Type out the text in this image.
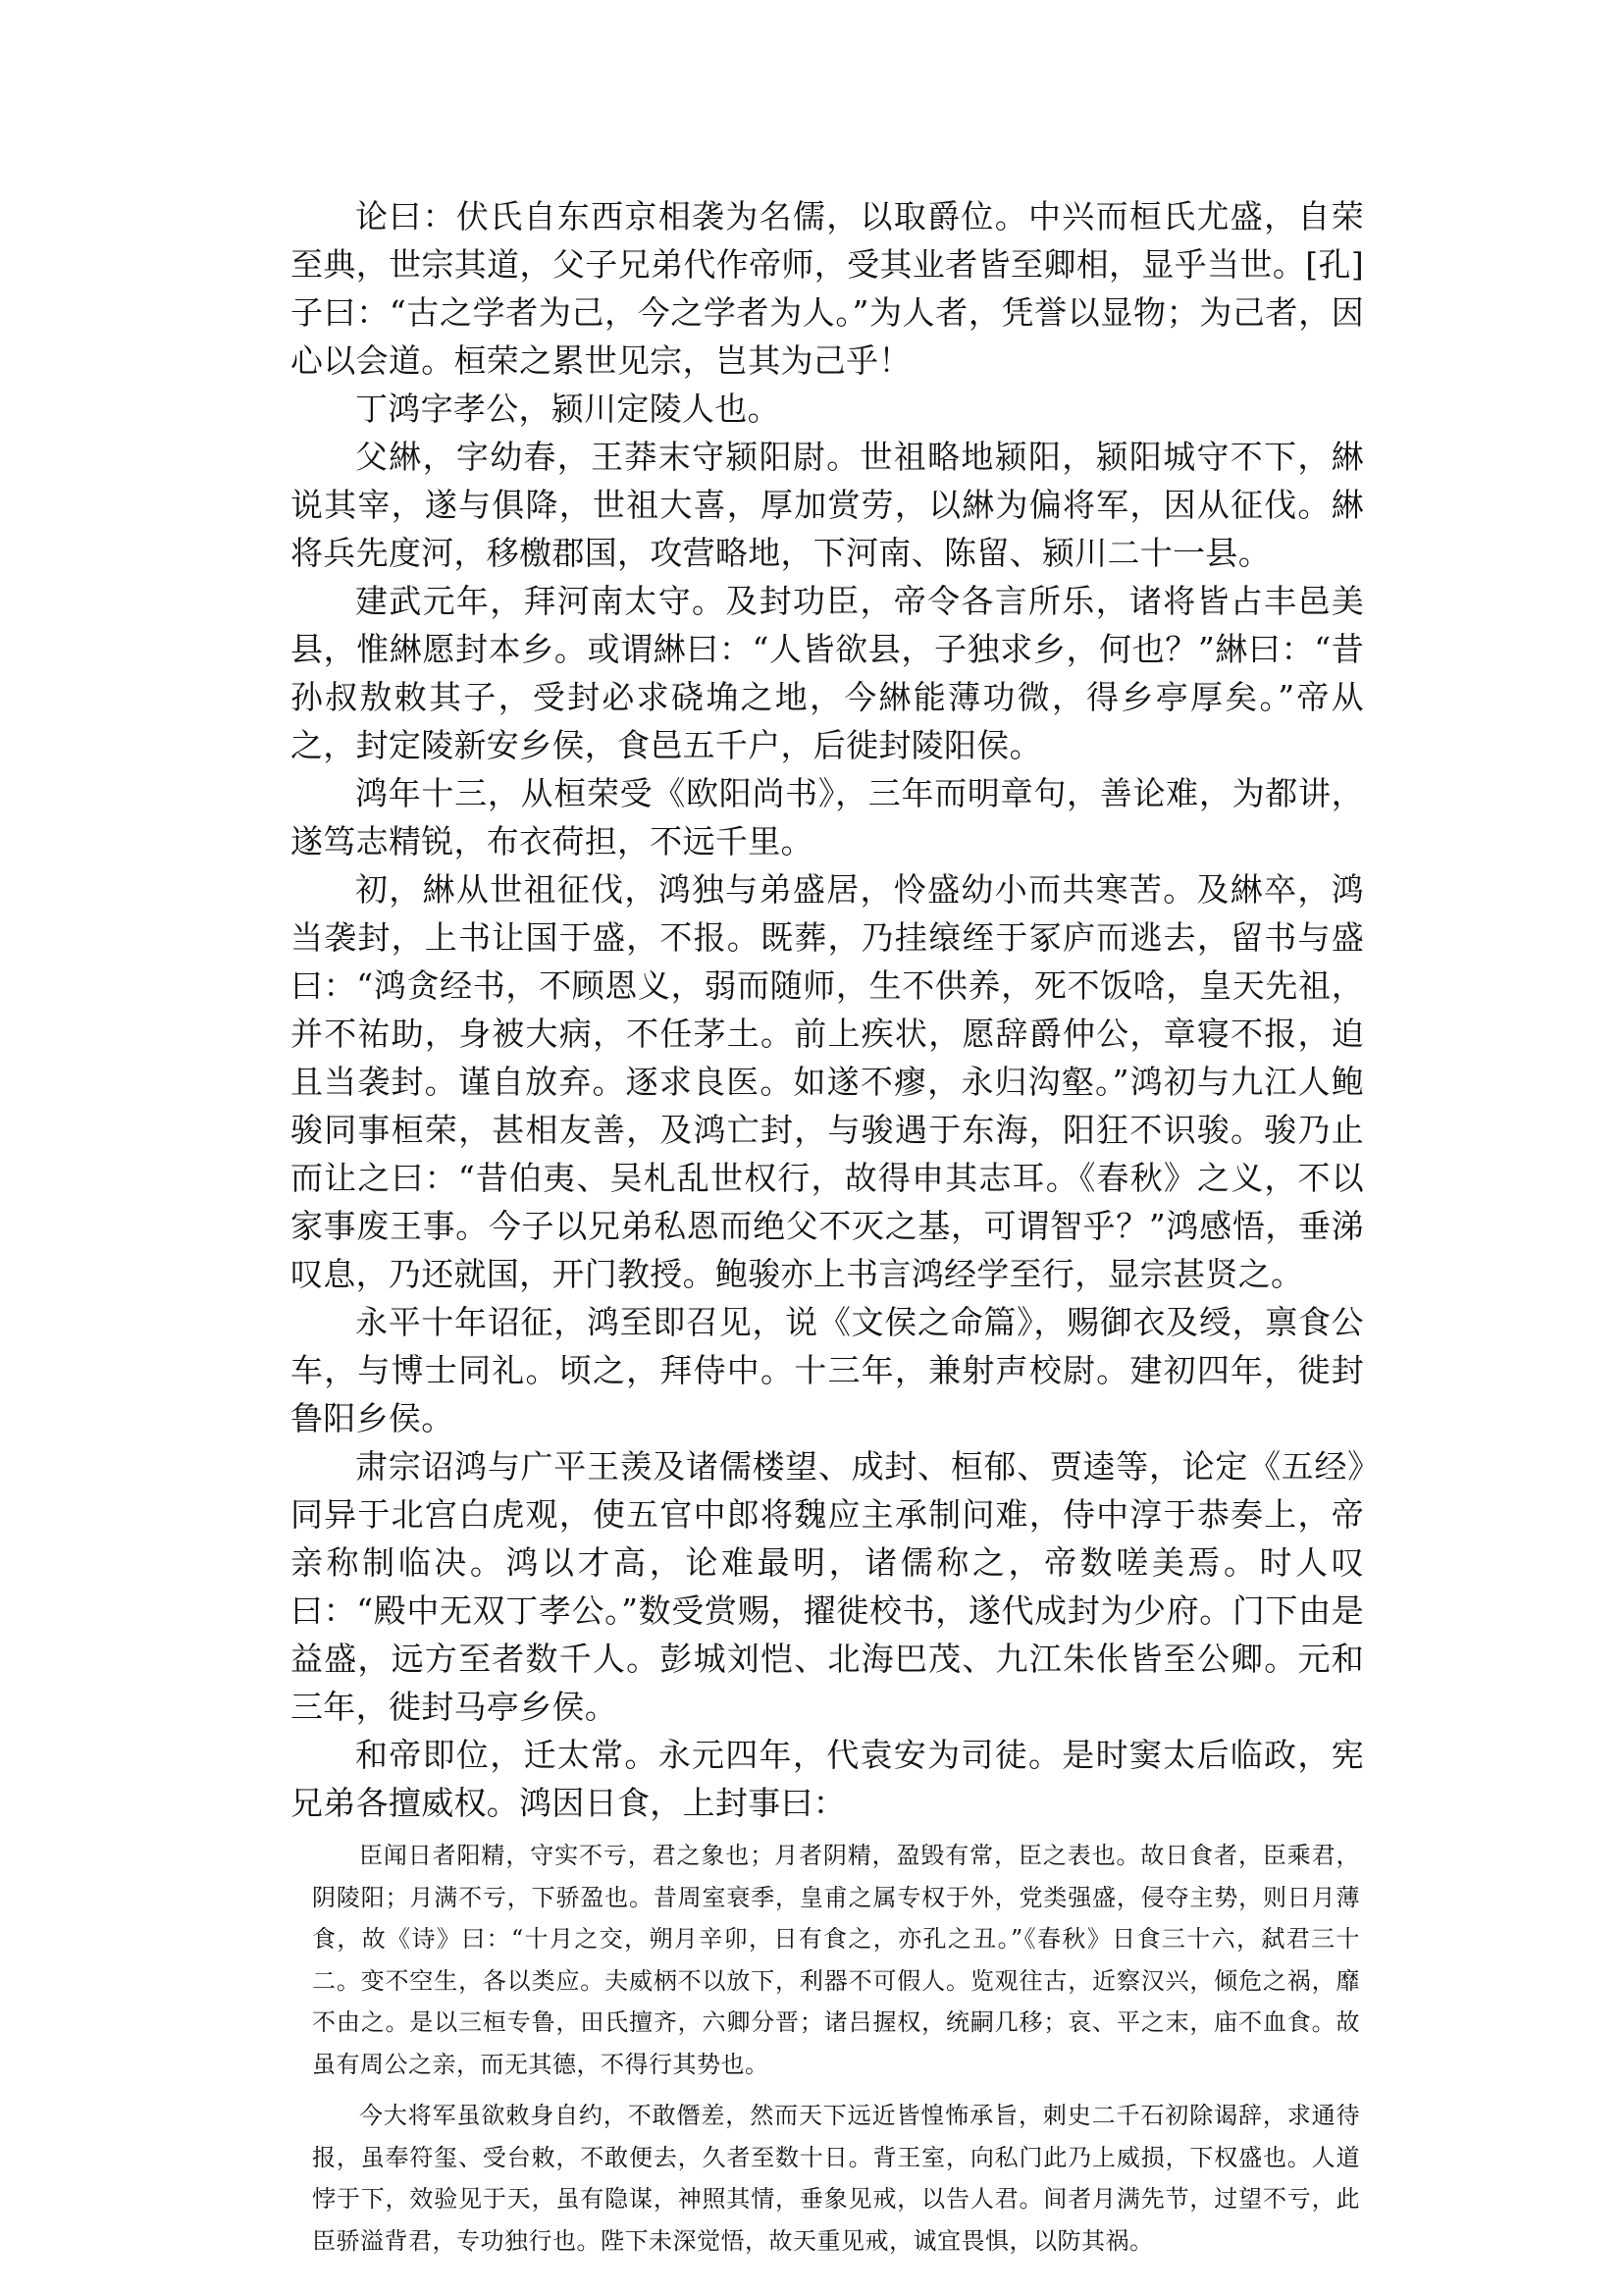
论曰：伏氏自东西京相袭为名儒，以取爵位。中兴而桓氏尤盛，自荣至典，世宗其道，父子兄弟代作帝师，受其业者皆至卿相，显乎当世。[孔]子曰：“古之学者为己，今之学者为人。”为人者，凭誉以显物；为己者，因心以会道。桓荣之累世见宗，岂其为己乎！

丁鸿字孝公，颍川定陵人也。

父綝，字幼春，王莽末守颍阳尉。世祖略地颍阳，颍阳城守不下，綝说其宰，遂与俱降，世祖大喜，厚加赏劳，以綝为偏将军，因从征伐。綝将兵先度河，移檄郡国，攻营略地，下河南、陈留、颍川二十一县。

建武元年，拜河南太守。及封功臣，帝令各言所乐，诸将皆占丰邑美县，惟綝愿封本乡。或谓綝曰：“人皆欲县，子独求乡，何也？”綝曰：“昔孙叔敖敕其子，受封必求硗埆之地，今綝能薄功微，得乡亭厚矣。”帝从之，封定陵新安乡侯，食邑五千户，后徙封陵阳侯。

鸿年十三，从桓荣受《欧阳尚书》，三年而明章句，善论难，为都讲，遂笃志精锐，布衣荷担，不远千里。

初，綝从世祖征伐，鸿独与弟盛居，怜盛幼小而共寒苦。及綝卒，鸿当袭封，上书让国于盛，不报。既葬，乃挂缞绖于冢庐而逃去，留书与盛曰：“鸿贪经书，不顾恩义，弱而随师，生不供养，死不饭唅，皇天先祖，并不祐助，身被大病，不任茅土。前上疾状，愿辞爵仲公，章寝不报，迫且当袭封。谨自放弃。逐求良医。如遂不瘳，永归沟壑。”鸿初与九江人鲍骏同事桓荣，甚相友善，及鸿亡封，与骏遇于东海，阳狂不识骏。骏乃止而让之曰：“昔伯夷、吴札乱世权行，故得申其志耳。《春秋》之义，不以家事废王事。今子以兄弟私恩而绝父不灭之基，可谓智乎？”鸿感悟，垂涕叹息，乃还就国，开门教授。鲍骏亦上书言鸿经学至行，显宗甚贤之。

永平十年诏征，鸿至即召见，说《文侯之命篇》，赐御衣及绶，禀食公车，与博士同礼。顷之，拜侍中。十三年，兼射声校尉。建初四年，徙封鲁阳乡侯。

肃宗诏鸿与广平王羡及诸儒楼望、成封、桓郁、贾逵等，论定《五经》同异于北宫白虎观，使五官中郎将魏应主承制问难，侍中淳于恭奏上，帝亲称制临决。鸿以才高，论难最明，诸儒称之，帝数嗟美焉。时人叹曰：“殿中无双丁孝公。”数受赏赐，擢徙校书，遂代成封为少府。门下由是益盛，远方至者数千人。彭城刘恺、北海巴茂、九江朱伥皆至公卿。元和三年，徙封马亭乡侯。

和帝即位，迁太常。永元四年，代袁安为司徒。是时窦太后临政，宪兄弟各擅威权。鸿因日食，上封事曰：

臣闻日者阳精，守实不亏，君之象也；月者阴精，盈毁有常，臣之表也。故日食者，臣乘君，阴陵阳；月满不亏，下骄盈也。昔周室衰季，皇甫之属专权于外，党类强盛，侵夺主势，则日月薄食，故《诗》曰：“十月之交，朔月辛卯，日有食之，亦孔之丑。”《春秋》日食三十六，弑君三十二。变不空生，各以类应。夫威柄不以放下，利器不可假人。览观往古，近察汉兴，倾危之祸，靡不由之。是以三桓专鲁，田氏擅齐，六卿分晋；诸吕握权，统嗣几移；哀、平之末，庙不血食。故虽有周公之亲，而无其德，不得行其势也。

今大将军虽欲敕身自约，不敢僭差，然而天下远近皆惶怖承旨，刺史二千石初除谒辞，求通待报，虽奉符玺、受台敕，不敢便去，久者至数十日。背王室，向私门此乃上威损，下权盛也。人道悖于下，效验见于天，虽有隐谋，神照其情，垂象见戒，以告人君。间者月满先节，过望不亏，此臣骄溢背君，专功独行也。陛下未深觉悟，故天重见戒，诚宜畏惧，以防其祸。
